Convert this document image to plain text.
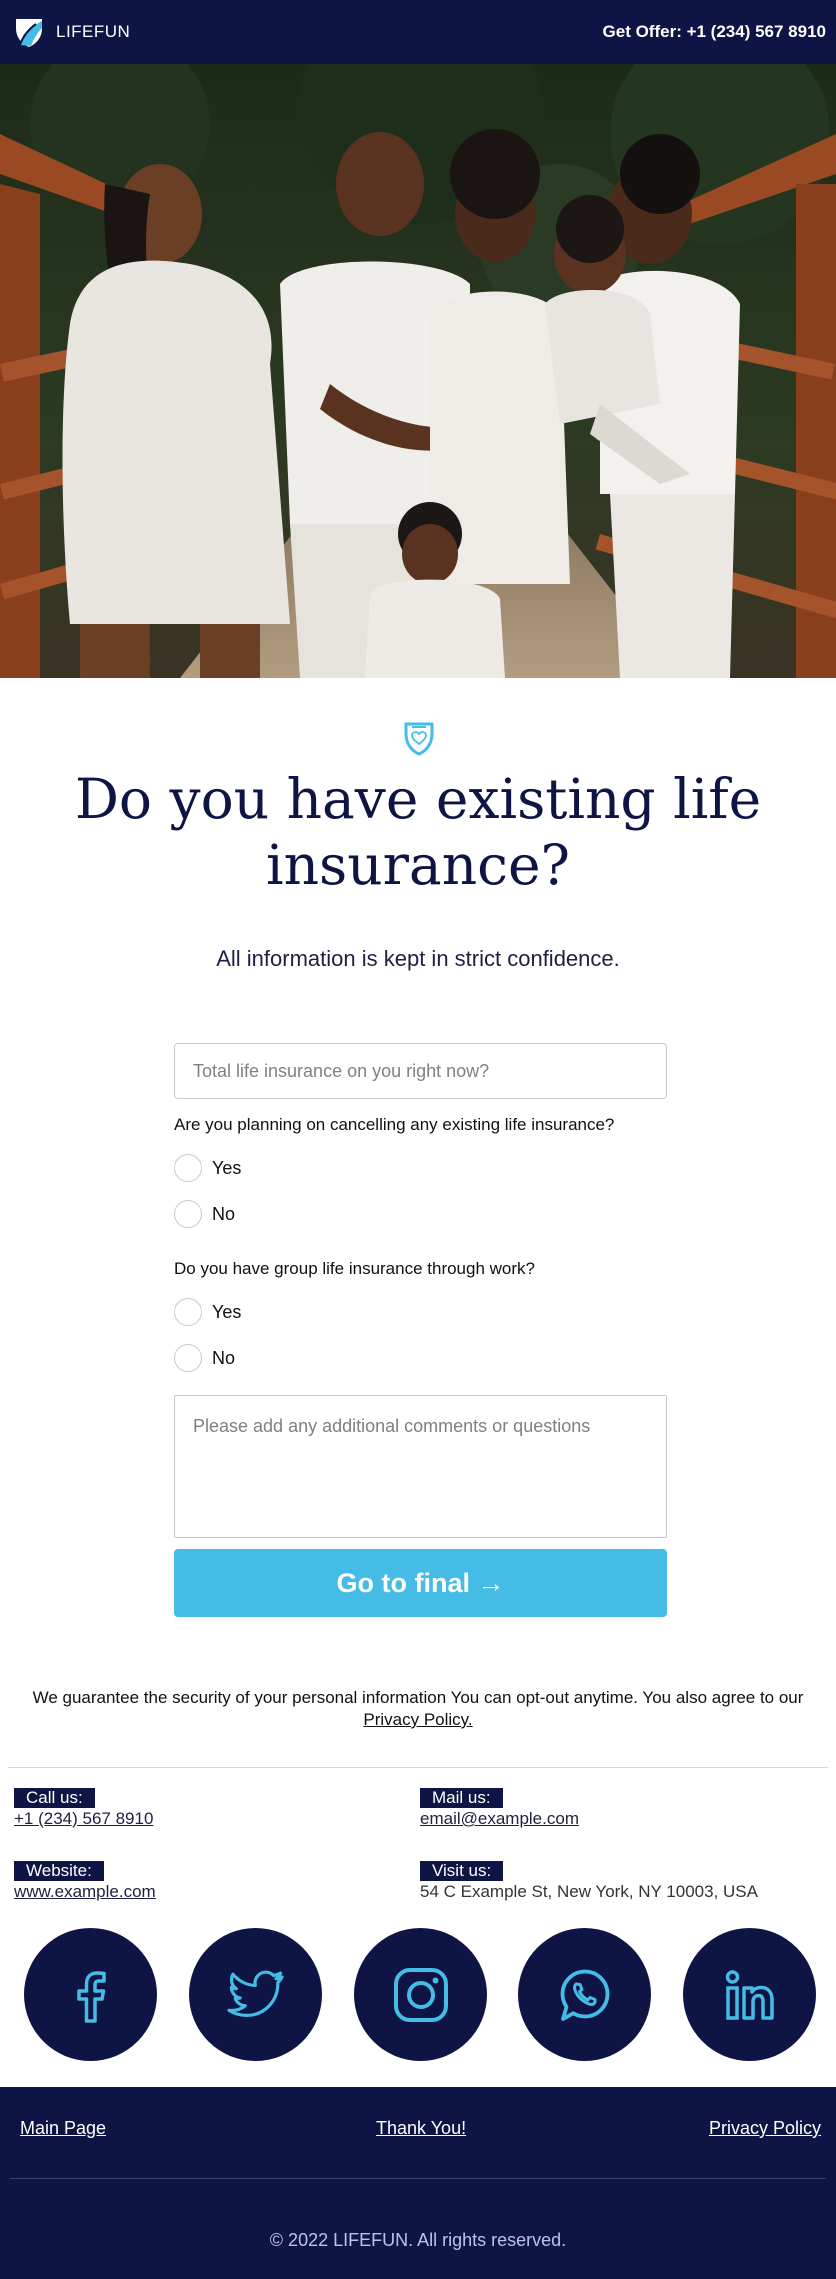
LIFEFUN	Get Offer: +1 (234) 567 8910
Do you have existing life insurance?

All information is kept in strict confidence.

Total life insurance on you right now?
Are you planning on cancelling any existing life insurance?
Yes
No
Do you have group life insurance through work?
Yes
No
Please add any additional comments or questions Go to final →
We guarantee the security of your personal information You can opt-out anytime. You also agree to our
Privacy Policy.
Call us:
+1 (234) 567 8910
Mail us:
email@example.com
Website:
www.example.com
Visit us:
54 C Example St, New York, NY 10003, USA
Main Page	Thank You!	Privacy Policy
© 2022 LIFEFUN. All rights reserved.
